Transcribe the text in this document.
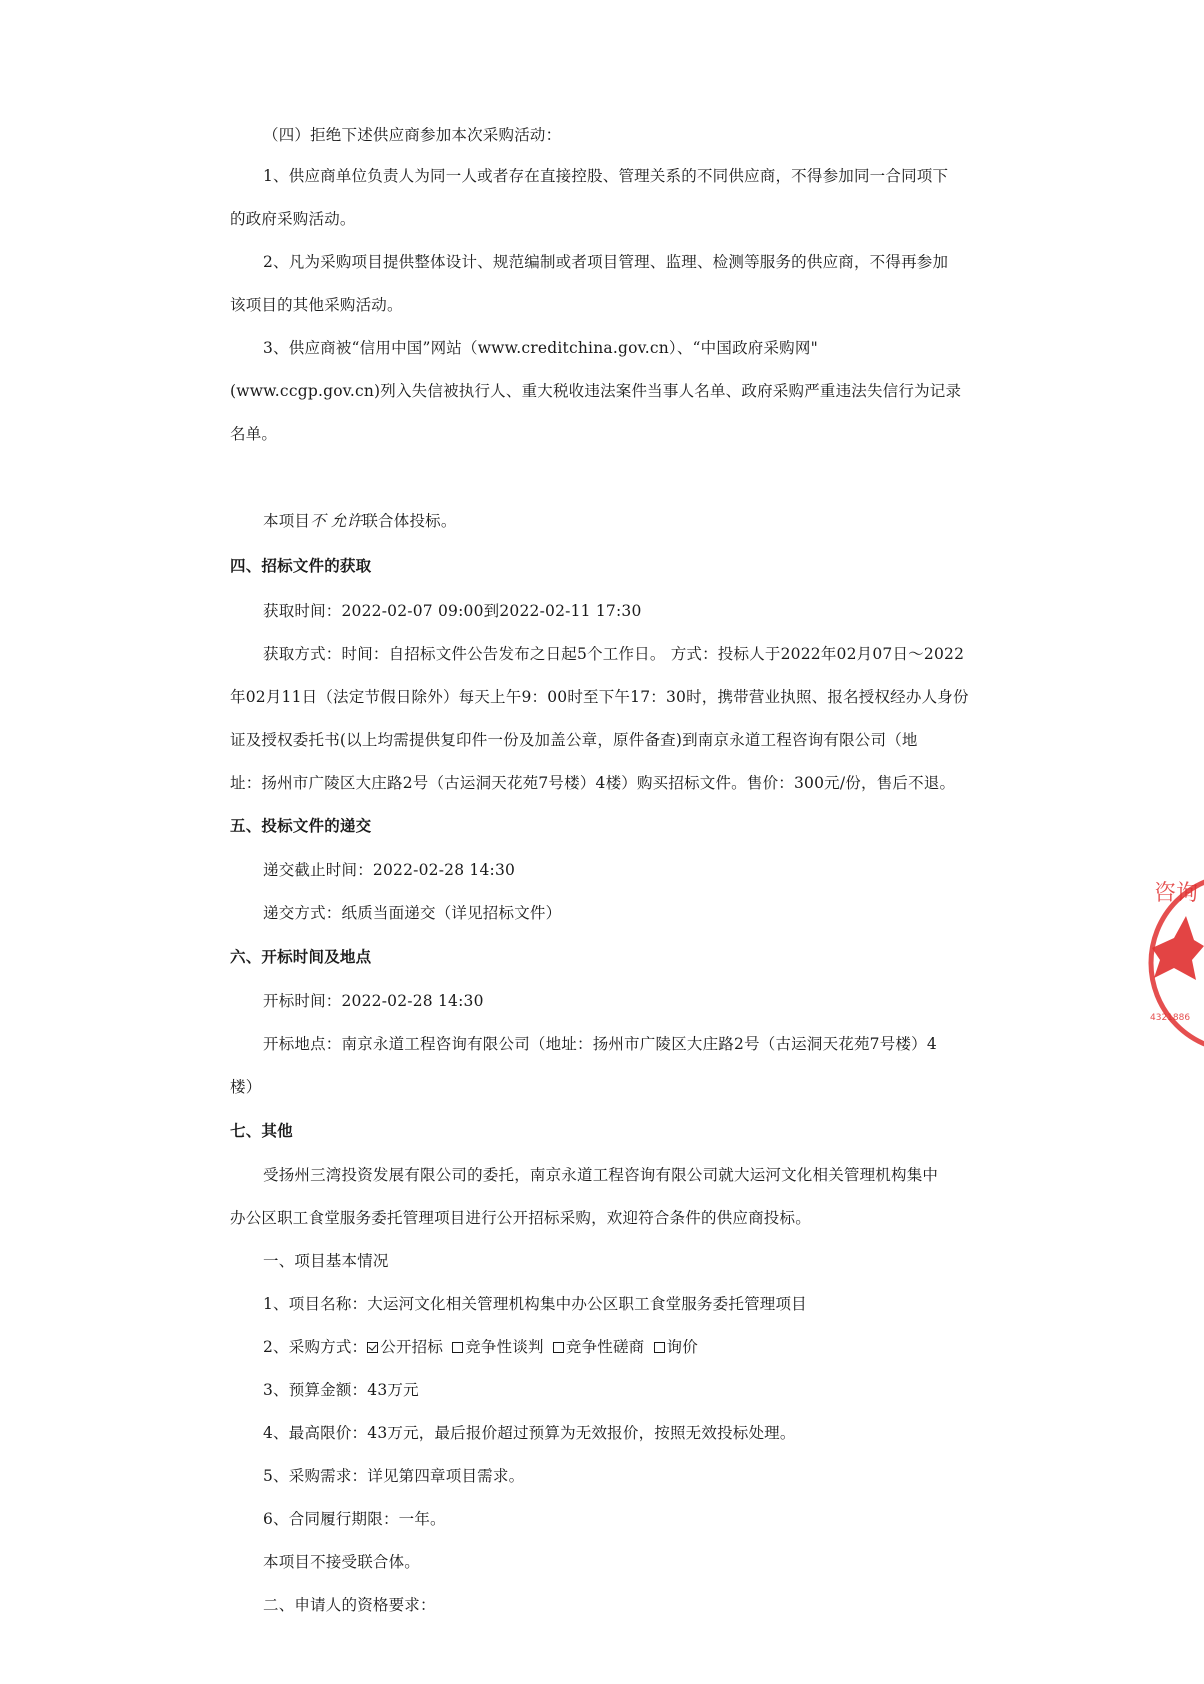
（四）拒绝下述供应商参加本次采购活动：
1、供应商单位负责人为同一人或者存在直接控股、管理关系的不同供应商，不得参加同一合同项下
的政府采购活动。
2、凡为采购项目提供整体设计、规范编制或者项目管理、监理、检测等服务的供应商，不得再参加
该项目的其他采购活动。
3、供应商被“信用中国”网站（www.creditchina.gov.cn）、“中国政府采购网"
(www.ccgp.gov.cn)列入失信被执行人、重大税收违法案件当事人名单、政府采购严重违法失信行为记录
名单。
本项目不 允许联合体投标。
四、招标文件的获取
获取时间：2022-02-07 09:00到2022-02-11 17:30
获取方式：时间：自招标文件公告发布之日起5个工作日。 方式：投标人于2022年02月07日～2022
年02月11日（法定节假日除外）每天上午9：00时至下午17：30时，携带营业执照、报名授权经办人身份
证及授权委托书(以上均需提供复印件一份及加盖公章，原件备查)到南京永道工程咨询有限公司（地
址：扬州市广陵区大庄路2号（古运洞天花苑7号楼）4楼）购买招标文件。售价：300元/份，售后不退。
五、投标文件的递交
递交截止时间：2022-02-28 14:30
递交方式：纸质当面递交（详见招标文件）
六、开标时间及地点
开标时间：2022-02-28 14:30
开标地点：南京永道工程咨询有限公司（地址：扬州市广陵区大庄路2号（古运洞天花苑7号楼）4
楼）
七、其他
受扬州三湾投资发展有限公司的委托，南京永道工程咨询有限公司就大运河文化相关管理机构集中
办公区职工食堂服务委托管理项目进行公开招标采购，欢迎符合条件的供应商投标。
一、项目基本情况
1、项目名称：大运河文化相关管理机构集中办公区职工食堂服务委托管理项目
2、采购方式： 公开招标 竞争性谈判 竞争性磋商 询价
3、预算金额：43万元
4、最高限价：43万元，最后报价超过预算为无效报价，按照无效投标处理。
5、采购需求：详见第四章项目需求。
6、合同履行期限：一年。
本项目不接受联合体。
二、申请人的资格要求：
咨询
4321886
